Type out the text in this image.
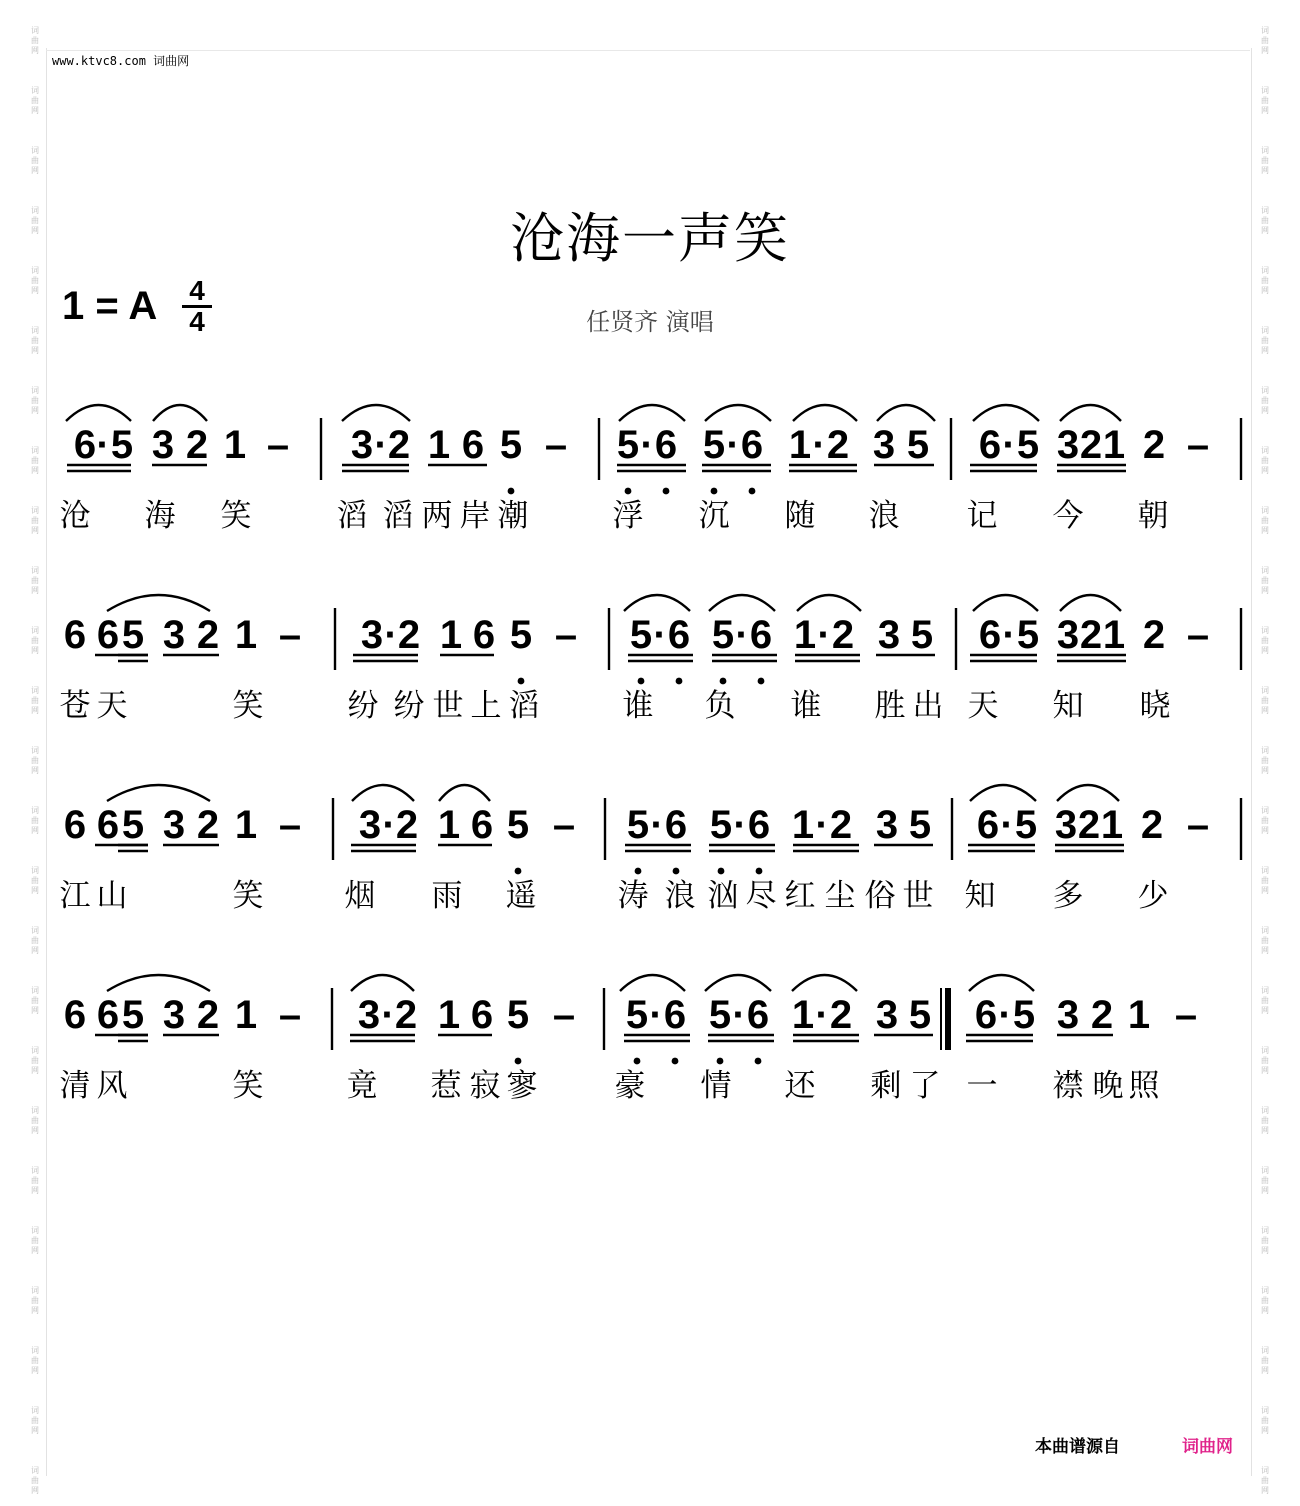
词
曲
网
词
曲
网
词
曲
网
词
曲
网
词
曲
网
词
曲
网
词
曲
网
词
曲
网
词
曲
网
词
曲
网
词
曲
网
词
曲
网
词
曲
网
词
曲
网
词
曲
网
词
曲
网
词
曲
网
词
曲
网
词
曲
网
词
曲
网
词
曲
网
词
曲
网
词
曲
网
词
曲
网
词
曲
网
词
曲
网
词
曲
网
词
曲
网
词
曲
网
词
曲
网
词
曲
网
词
曲
网
词
曲
网
词
曲
网
词
曲
网
词
曲
网
词
曲
网
词
曲
网
词
曲
网
词
曲
网
词
曲
网
词
曲
网
词
曲
网
词
曲
网
词
曲
网
词
曲
网
词
曲
网
词
曲
网
词
曲
网
词
曲
网
www.ktvc8.com 词曲网
沧海一声笑
1 = A 4
4	任贤齐 演唱
6 · 5 3 2 1 – 3 · 2 1 6 5 – 5 · 6 5 · 6 1 · 2 3 5 6 · 5 3 2 1 2 –
沧 海 笑	滔 滔 两 岸 潮	浮 沉 随 浪 记 今 朝
6 6 5 3 2 1 – 3 · 2 1 6 5 – 5 · 6 5 · 6 1 · 2 3 5 6 · 5 3 2 1 2 –
苍 天	笑	纷 纷 世 上 滔	谁 负 谁 胜 出 天 知 晓
6 6 5 3 2 1 – 3 · 2 1 6 5 – 5 · 6 5 · 6 1 · 2 3 5 6 · 5 3 2 1 2 –
江 山	笑	烟 雨 遥	涛 浪 汹 尽 红 尘 俗 世 知 多 少
6 6 5 3 2 1 – 3 · 2 1 6 5 – 5 · 6 5 · 6 1 · 2 3 5 6 · 5 3 2 1 –
清 风	笑	竟 惹 寂 寥 豪 情 还 剩 了 一 襟 晚 照
本曲谱源自	词曲网
